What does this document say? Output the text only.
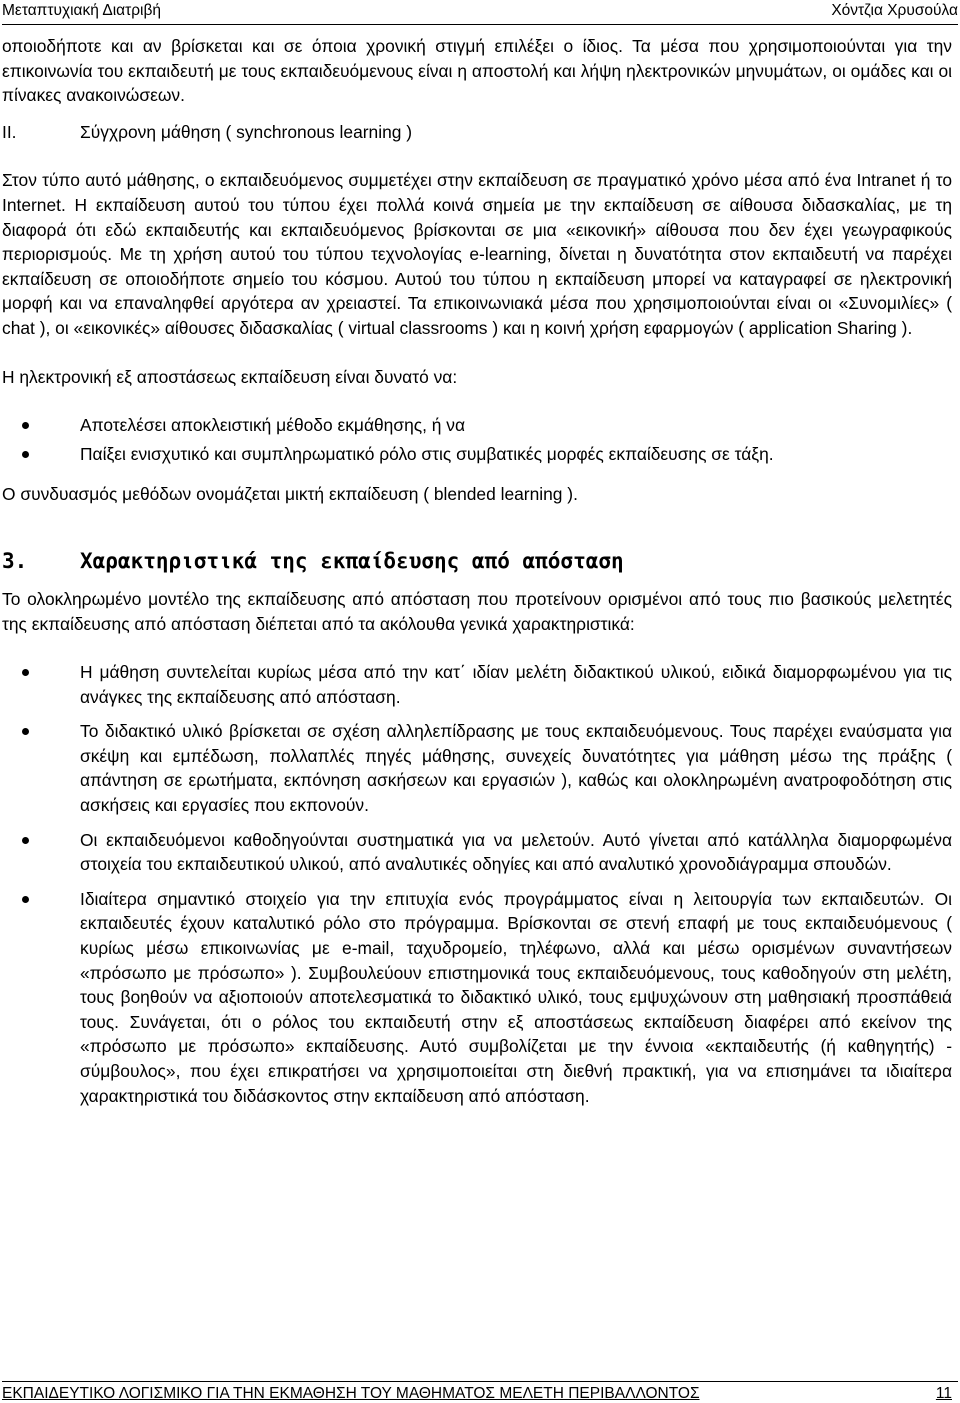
Μεταπτυχιακή Διατριβή	Χόντζια Χρυσούλα

οποιοδήποτε και αν βρίσκεται και σε όποια χρονική στιγμή επιλέξει ο ίδιος. Τα μέσα που χρησιμοποιούνται για την επικοινωνία του εκπαιδευτή με τους εκπαιδευόμενους είναι η αποστολή και λήψη ηλεκτρονικών μηνυμάτων, οι ομάδες και οι πίνακες ανακοινώσεων.

II.	Σύγχρονη μάθηση ( synchronous learning )

Στον τύπο αυτό μάθησης, ο εκπαιδευόμενος συμμετέχει στην εκπαίδευση σε πραγματικό χρόνο μέσα από ένα Intranet ή το Internet. Η εκπαίδευση αυτού του τύπου έχει πολλά κοινά σημεία με την εκπαίδευση σε αίθουσα διδασκαλίας, με τη διαφορά ότι εδώ εκπαιδευτής και εκπαιδευόμενος βρίσκονται σε μια «εικονική» αίθουσα που δεν έχει γεωγραφικούς περιορισμούς. Με τη χρήση αυτού του τύπου τεχνολογίας e-learning, δίνεται η δυνατότητα στον εκπαιδευτή να παρέχει εκπαίδευση σε οποιοδήποτε σημείο του κόσμου. Αυτού του τύπου η εκπαίδευση μπορεί να καταγραφεί σε ηλεκτρονική μορφή και να επαναληφθεί αργότερα αν χρειαστεί. Τα επικοινωνιακά μέσα που χρησιμοποιούνται είναι οι «Συνομιλίες» ( chat ), οι «εικονικές» αίθουσες διδασκαλίας ( virtual classrooms ) και η κοινή χρήση εφαρμογών ( application Sharing ).

Η ηλεκτρονική εξ αποστάσεως εκπαίδευση είναι δυνατό να:

Αποτελέσει αποκλειστική μέθοδο εκμάθησης, ή να
Παίξει ενισχυτικό και συμπληρωματικό ρόλο στις συμβατικές μορφές εκπαίδευσης σε τάξη.

Ο συνδυασμός μεθόδων ονομάζεται μικτή εκπαίδευση ( blended learning ).

3.	Χαρακτηριστικά της εκπαίδευσης από απόσταση

Το ολοκληρωμένο μοντέλο της εκπαίδευσης από απόσταση που προτείνουν ορισμένοι από τους πιο βασικούς μελετητές της εκπαίδευσης από απόσταση διέπεται από τα ακόλουθα γενικά χαρακτηριστικά:

Η μάθηση συντελείται κυρίως μέσα από την κατ΄ ιδίαν μελέτη διδακτικού υλικού, ειδικά διαμορφωμένου για τις ανάγκες της εκπαίδευσης από απόσταση.
Το διδακτικό υλικό βρίσκεται σε σχέση αλληλεπίδρασης με τους εκπαιδευόμενους. Τους παρέχει εναύσματα για σκέψη και εμπέδωση, πολλαπλές πηγές μάθησης, συνεχείς δυνατότητες για μάθηση μέσω της πράξης ( απάντηση σε ερωτήματα, εκπόνηση ασκήσεων και εργασιών ), καθώς και ολοκληρωμένη ανατροφοδότηση στις ασκήσεις και εργασίες που εκπονούν.
Οι εκπαιδευόμενοι καθοδηγούνται συστηματικά για να μελετούν. Αυτό γίνεται από κατάλληλα διαμορφωμένα στοιχεία του εκπαιδευτικού υλικού, από αναλυτικές οδηγίες και από αναλυτικό χρονοδιάγραμμα σπουδών.
Ιδιαίτερα σημαντικό στοιχείο για την επιτυχία ενός προγράμματος είναι η λειτουργία των εκπαιδευτών. Οι εκπαιδευτές έχουν καταλυτικό ρόλο στο πρόγραμμα. Βρίσκονται σε στενή επαφή με τους εκπαιδευόμενους ( κυρίως μέσω επικοινωνίας με e-mail, ταχυδρομείο, τηλέφωνο, αλλά και μέσω ορισμένων συναντήσεων «πρόσωπο με πρόσωπο» ). Συμβουλεύουν επιστημονικά τους εκπαιδευόμενους, τους καθοδηγούν στη μελέτη, τους βοηθούν να αξιοποιούν αποτελεσματικά το διδακτικό υλικό, τους εμψυχώνουν στη μαθησιακή προσπάθειά τους. Συνάγεται, ότι ο ρόλος του εκπαιδευτή στην εξ αποστάσεως εκπαίδευση διαφέρει από εκείνον της «πρόσωπο με πρόσωπο» εκπαίδευσης. Αυτό συμβολίζεται με την έννοια «εκπαιδευτής (ή καθηγητής) - σύμβουλος», που έχει επικρατήσει να χρησιμοποιείται στη διεθνή πρακτική, για να επισημάνει τα ιδιαίτερα χαρακτηριστικά του διδάσκοντος στην εκπαίδευση από απόσταση.
ΕΚΠΑΙΔΕΥΤΙΚΟ ΛΟΓΙΣΜΙΚΟ ΓΙΑ ΤΗΝ ΕΚΜΑΘΗΣΗ ΤΟΥ ΜΑΘΗΜΑΤΟΣ ΜΕΛΕΤΗ ΠΕΡΙΒΑΛΛΟΝΤΟΣ	11
